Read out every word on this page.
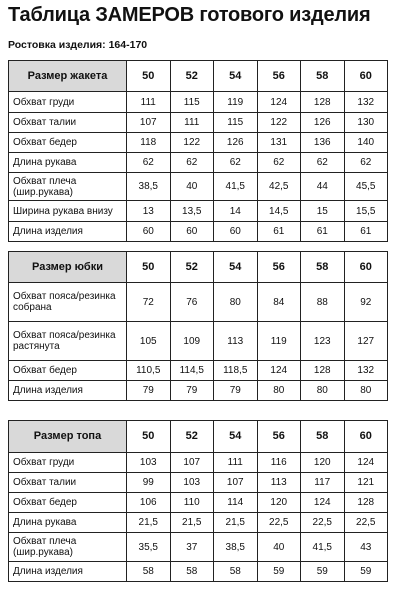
Таблица ЗАМЕРОВ готового изделия
Ростовка изделия: 164-170
Размер жакета	50	52	54	56	58	60
Обхват груди	111	115	119	124	128	132
Обхват талии	107	111	115	122	126	130
Обхват бедер	118	122	126	131	136	140
Длина рукава	62	62	62	62	62	62
Обхват плеча (шир.рукава)	38,5	40	41,5	42,5	44	45,5
Ширина рукава внизу	13	13,5	14	14,5	15	15,5
Длина изделия	60	60	60	61	61	61
Размер юбки	50	52	54	56	58	60
Обхват пояса/резинка собрана	72	76	80	84	88	92
Обхват пояса/резинка растянута	105	109	113	119	123	127
Обхват бедер	110,5	114,5	118,5	124	128	132
Длина изделия	79	79	79	80	80	80
Размер топа	50	52	54	56	58	60
Обхват груди	103	107	111	116	120	124
Обхват талии	99	103	107	113	117	121
Обхват бедер	106	110	114	120	124	128
Длина рукава	21,5	21,5	21,5	22,5	22,5	22,5
Обхват плеча (шир.рукава)	35,5	37	38,5	40	41,5	43
Длина изделия	58	58	58	59	59	59
